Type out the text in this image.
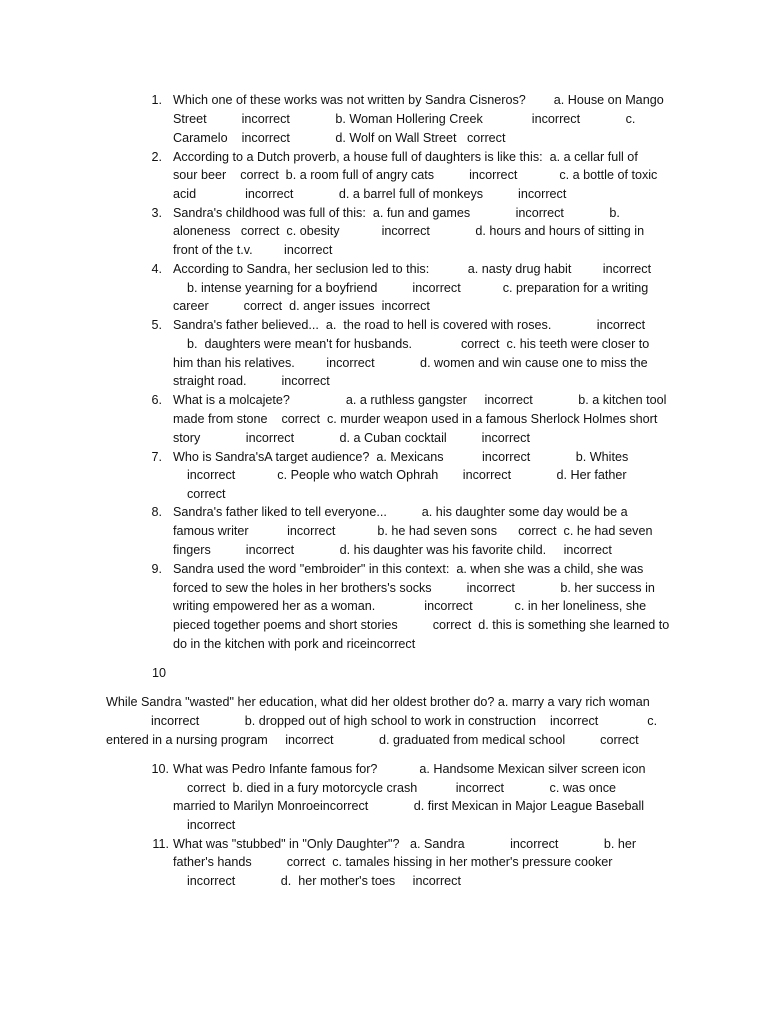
1. Which one of these works was not written by Sandra Cisneros?        a. House on Mango
Street          incorrect             b. Woman Hollering Creek              incorrect             c.
Caramelo    incorrect             d. Wolf on Wall Street   correct
2. According to a Dutch proverb, a house full of daughters is like this:  a. a cellar full of
sour beer    correct  b. a room full of angry cats          incorrect            c. a bottle of toxic
acid              incorrect             d. a barrel full of monkeys          incorrect
3. Sandra's childhood was full of this:  a. fun and games             incorrect             b.
aloneness   correct  c. obesity            incorrect             d. hours and hours of sitting in
front of the t.v.         incorrect
4. According to Sandra, her seclusion led to this:           a. nasty drug habit         incorrect
b. intense yearning for a boyfriend          incorrect            c. preparation for a writing
career          correct  d. anger issues  incorrect
5. Sandra's father believed...  a.  the road to hell is covered with roses.             incorrect
b.  daughters were mean't for husbands.              correct  c. his teeth were closer to
him than his relatives.         incorrect             d. women and win cause one to miss the
straight road.          incorrect
6. What is a molcajete?                a. a ruthless gangster     incorrect             b. a kitchen tool
made from stone    correct  c. murder weapon used in a famous Sherlock Holmes short
story             incorrect             d. a Cuban cocktail          incorrect
7. Who is Sandra'sA target audience?  a. Mexicans           incorrect             b. Whites
incorrect            c. People who watch Ophrah       incorrect             d. Her father
correct
8. Sandra's father liked to tell everyone...          a. his daughter some day would be a
famous writer           incorrect            b. he had seven sons      correct  c. he had seven
fingers          incorrect             d. his daughter was his favorite child.     incorrect
9. Sandra used the word "embroider" in this context:  a. when she was a child, she was
forced to sew the holes in her brothers's socks          incorrect             b. her success in
writing empowered her as a woman.              incorrect            c. in her loneliness, she
pieced together poems and short stories          correct  d. this is something she learned to
do in the kitchen with pork and riceincorrect
10
While Sandra "wasted" her education, what did her oldest brother do? a. marry a vary rich woman
incorrect             b. dropped out of high school to work in construction    incorrect              c.
entered in a nursing program     incorrect             d. graduated from medical school          correct
10. What was Pedro Infante famous for?            a. Handsome Mexican silver screen icon
correct  b. died in a fury motorcycle crash           incorrect             c. was once
married to Marilyn Monroeincorrect             d. first Mexican in Major League Baseball
incorrect
11. What was "stubbed" in "Only Daughter"?   a. Sandra             incorrect             b. her
father's hands          correct  c. tamales hissing in her mother's pressure cooker
incorrect             d.  her mother's toes     incorrect
